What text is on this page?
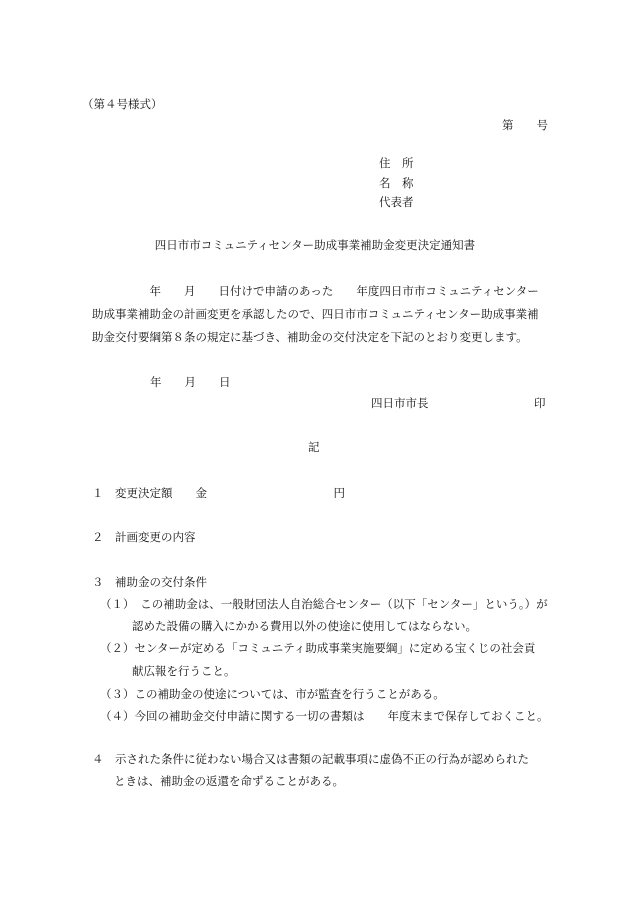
（第４号様式）
第　　号
住　所
名　称
代表者
四日市市コミュニティセンター助成事業補助金変更決定通知書
　　　　　年　　月　　日付けで申請のあった　　年度四日市市コミュニティセンター
助成事業補助金の計画変更を承認したので、四日市市コミュニティセンター助成事業補
助金交付要綱第８条の規定に基づき、補助金の交付決定を下記のとおり変更します。
年　　月　　日
四日市市長	印
記
１　変更決定額　　金　　　　　　　　　　　円
２　計画変更の内容
３　補助金の交付条件
（１）　この補助金は、一般財団法人自治総合センター（以下「センター」という。）が
認めた設備の購入にかかる費用以外の使途に使用してはならない。
（２）センターが定める「コミュニティ助成事業実施要綱」に定める宝くじの社会貢
献広報を行うこと。
（３）この補助金の使途については、市が監査を行うことがある。
（４）今回の補助金交付申請に関する一切の書類は　　年度末まで保存しておくこと。
４　示された条件に従わない場合又は書類の記載事項に虚偽不正の行為が認められた
ときは、補助金の返還を命ずることがある。
